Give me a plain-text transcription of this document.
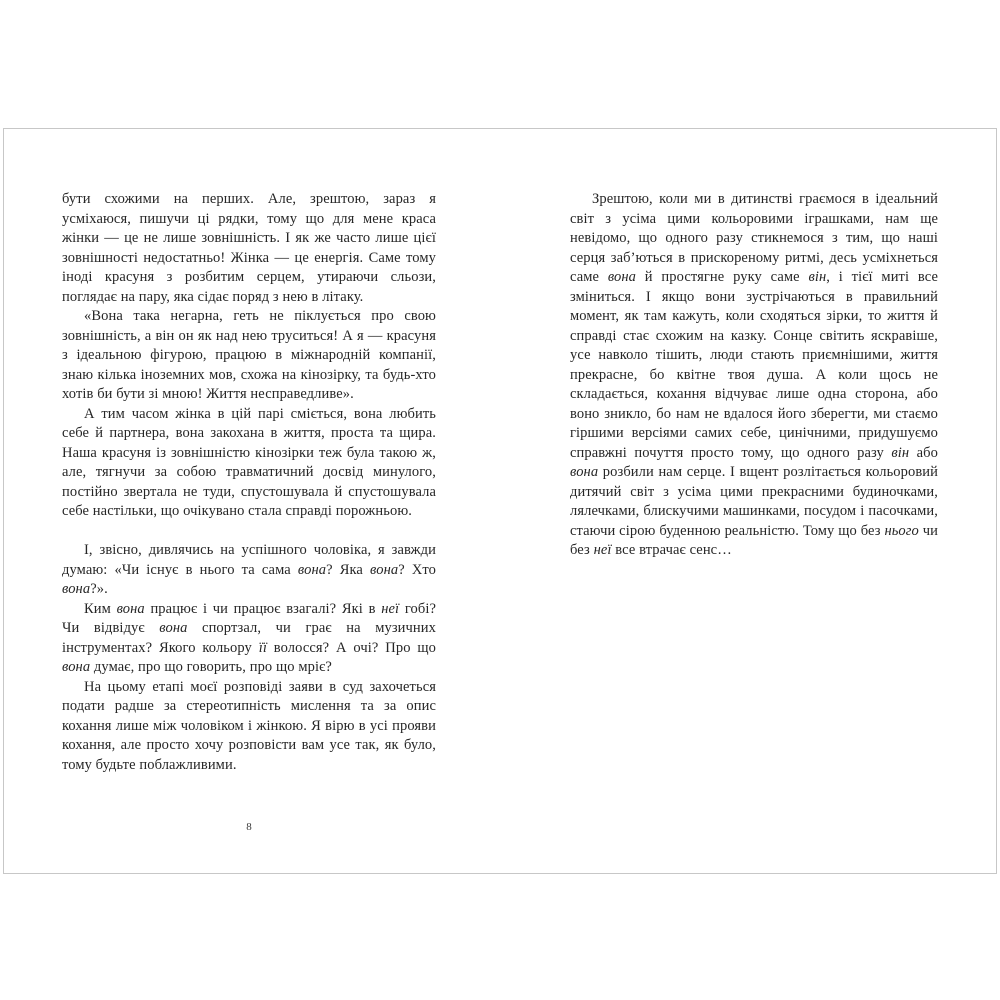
бути схожими на перших. Але, зрештою, зараз я усміхаюся, пишучи ці рядки, тому що для мене краса жінки — це не лише зовнішність. І як же часто лише цієї зовнішності недостатньо! Жінка — це енергія. Саме тому іноді красуня з розбитим серцем, утираючи сльози, поглядає на пару, яка сідає поряд з нею в літаку.

«Вона така негарна, геть не піклується про свою зовнішність, а він он як над нею труситься! А я — красуня з ідеальною фігурою, працюю в міжнародній компанії, знаю кілька іноземних мов, схожа на кінозірку, та будь-хто хотів би бути зі мною! Життя несправедливе».

А тим часом жінка в цій парі сміється, вона любить себе й партнера, вона закохана в життя, проста та щира. Наша красуня із зовнішністю кінозірки теж була такою ж, але, тягнучи за собою травматичний досвід минулого, постійно звертала не туди, спустошувала й спустошувала себе настільки, що очікувано стала справді порожньою.

І, звісно, дивлячись на успішного чоловіка, я завжди думаю: «Чи існує в нього та сама вона? Яка вона? Хто вона?».

Ким вона працює і чи працює взагалі? Які в неї гобі? Чи відвідує вона спортзал, чи грає на музичних інструментах? Якого кольору її волосся? А очі? Про що вона думає, про що говорить, про що мріє?

На цьому етапі моєї розповіді заяви в суд захочеться подати радше за стереотипність мислення та за опис кохання лише між чоловіком і жінкою. Я вірю в усі прояви кохання, але просто хочу розповісти вам усе так, як було, тому будьте поблажливими.

Зрештою, коли ми в дитинстві граємося в ідеальний світ з усіма цими кольоровими іграшками, нам ще невідомо, що одного разу стикнемося з тим, що наші серця заб’ються в прискореному ритмі, десь усміхнеться саме вона й простягне руку саме він, і тієї миті все зміниться. І якщо вони зустрічаються в правильний момент, як там кажуть, коли сходяться зірки, то життя й справді стає схожим на казку. Сонце світить яскравіше, усе навколо тішить, люди стають приємнішими, життя прекрасне, бо квітне твоя душа. А коли щось не складається, кохання відчуває лише одна сторона, або воно зникло, бо нам не вдалося його зберегти, ми стаємо гіршими версіями самих себе, цинічними, придушуємо справжні почуття просто тому, що одного разу він або вона розбили нам серце. І вщент розлітається кольоровий дитячий світ з усіма цими прекрасними будиночками, лялечками, блискучими машинками, посудом і пасочками, стаючи сірою буденною реальністю. Тому що без нього чи без неї все втрачає сенс…

8
